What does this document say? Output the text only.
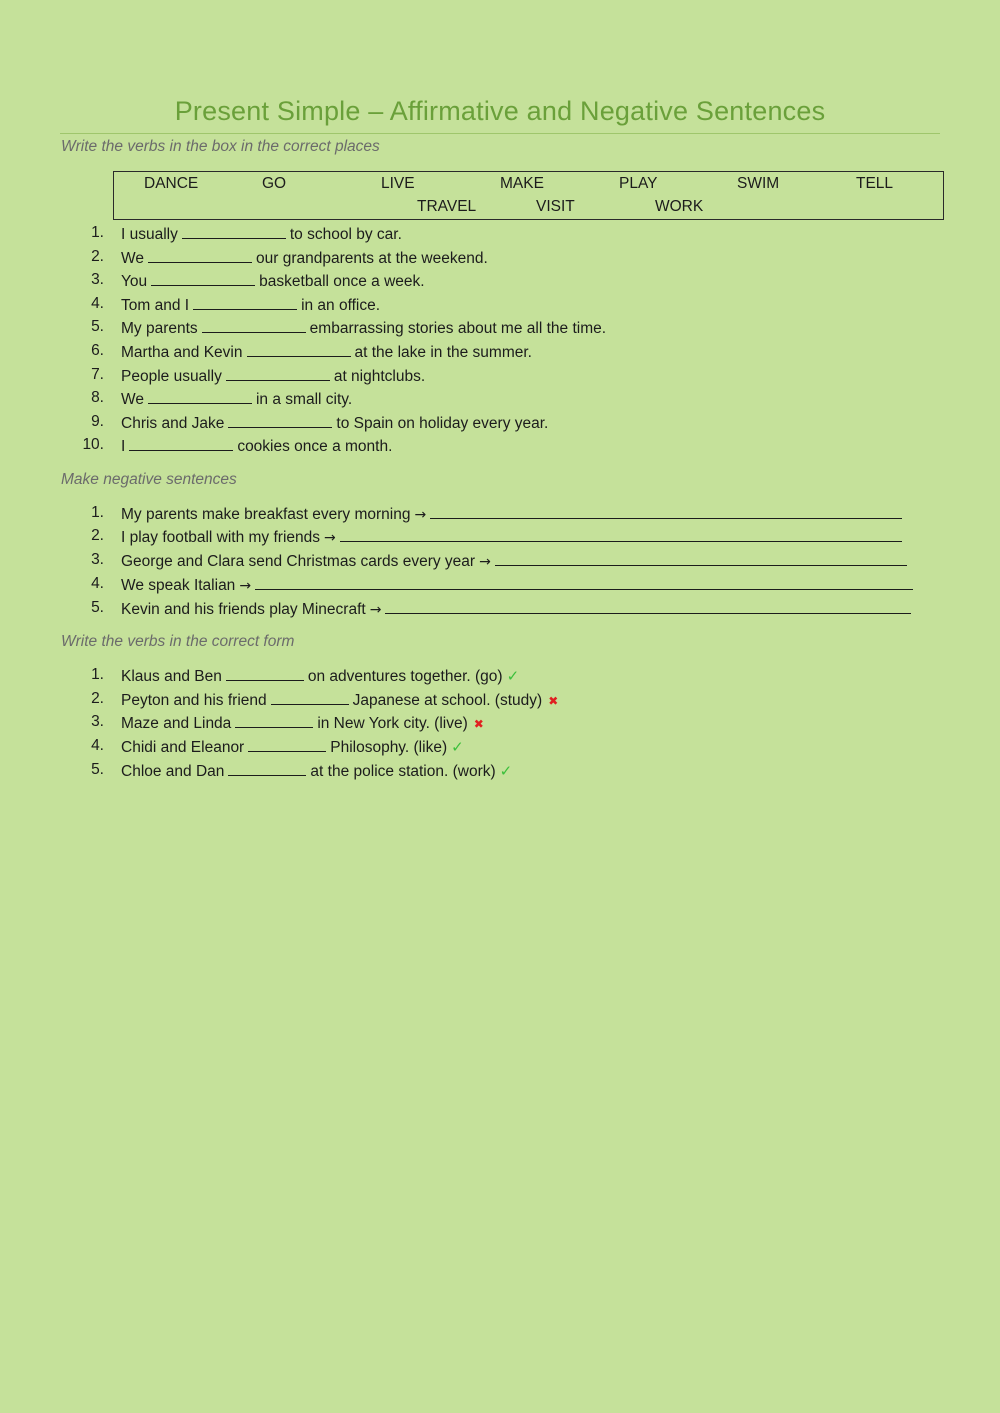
Present Simple – Affirmative and Negative Sentences
Write the verbs in the box in the correct places
DANCE	GO	LIVE	MAKE	PLAY	SWIM	TELL
TRAVEL	VISIT	WORK
1. I usually	to school by car.
2. We	our grandparents at the weekend.
3. You	basketball once a week.
4. Tom and I	in an office.
5. My parents	embarrassing stories about me all the time.
6. Martha and Kevin	at the lake in the summer.
7. People usually	at nightclubs.
8. We	in a small city.
9. Chris and Jake	to Spain on holiday every year.
10. I	cookies once a month.
Make negative sentences
1. My parents make breakfast every morning →
2. I play football with my friends →
3. George and Clara send Christmas cards every year →
4. We speak Italian →
5. Kevin and his friends play Minecraft →
Write the verbs in the correct form
1. Klaus and Ben	on adventures together. (go) ✓
2. Peyton and his friend	Japanese at school. (study) ✖
3. Maze and Linda	in New York city. (live) ✖
4. Chidi and Eleanor	Philosophy. (like) ✓
5. Chloe and Dan	at the police station. (work) ✓
